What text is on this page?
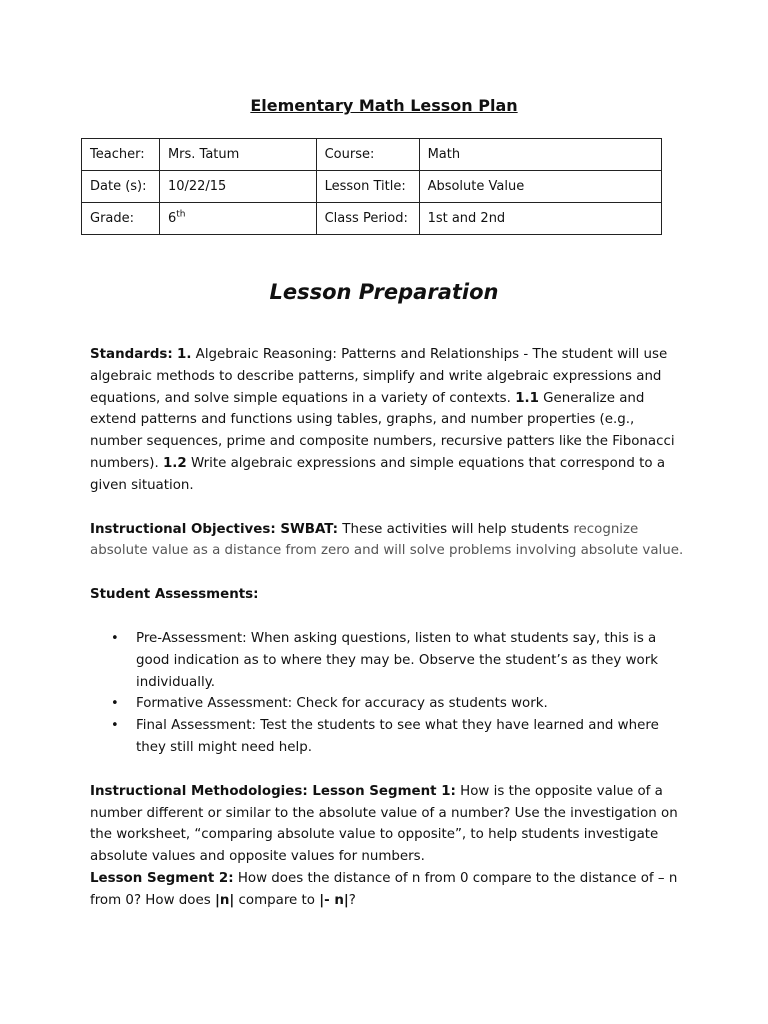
Elementary Math Lesson Plan
Teacher:	Mrs. Tatum	Course:	Math
Date (s):	10/22/15	Lesson Title:	Absolute Value
Grade:	6th	Class Period:	1st and 2nd
Lesson Preparation

Standards: 1. Algebraic Reasoning: Patterns and Relationships - The student will use algebraic methods to describe patterns, simplify and write algebraic expressions and equations, and solve simple equations in a variety of contexts. 1.1 Generalize and extend patterns and functions using tables, graphs, and number properties (e.g., number sequences, prime and composite numbers, recursive patters like the Fibonacci numbers). 1.2 Write algebraic expressions and simple equations that correspond to a given situation.

Instructional Objectives: SWBAT: These activities will help students recognize absolute value as a distance from zero and will solve problems involving absolute value.

Student Assessments:

• Pre-Assessment: When asking questions, listen to what students say, this is a good indication as to where they may be. Observe the student’s as they work individually.
• Formative Assessment: Check for accuracy as students work.
• Final Assessment: Test the students to see what they have learned and where they still might need help.

Instructional Methodologies: Lesson Segment 1: How is the opposite value of a number different or similar to the absolute value of a number? Use the investigation on the worksheet, “comparing absolute value to opposite”, to help students investigate absolute values and opposite values for numbers.

Lesson Segment 2: How does the distance of n from 0 compare to the distance of – n from 0? How does |n| compare to |- n|?
